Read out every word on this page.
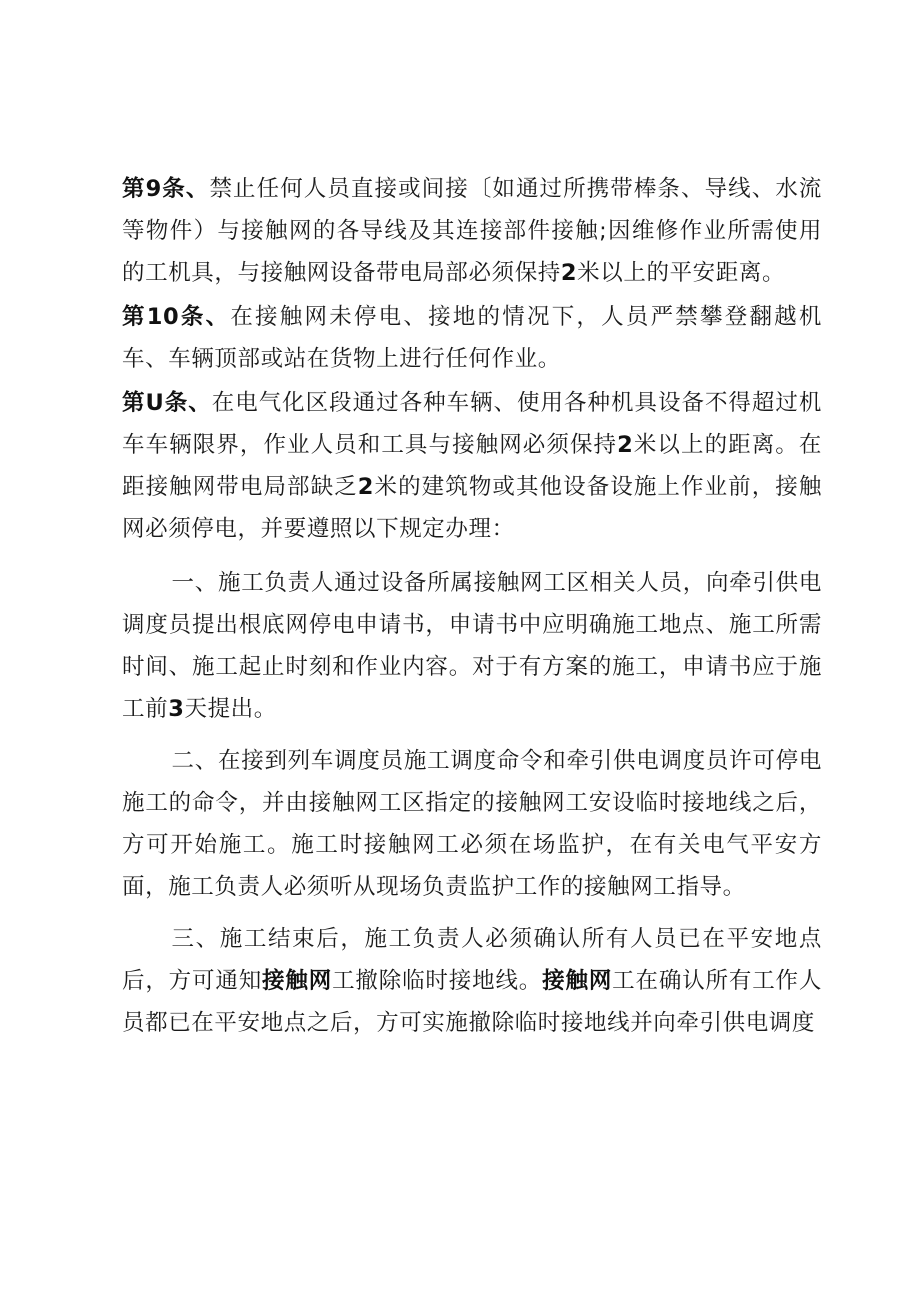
第9条、禁止任何人员直接或间接〔如通过所携带棒条、导线、水流等物件）与接触网的各导线及其连接部件接触;因维修作业所需使用的工机具，与接触网设备带电局部必须保持2米以上的平安距离。

第10条、在接触网未停电、接地的情况下，人员严禁攀登翻越机车、车辆顶部或站在货物上进行任何作业。

第U条、在电气化区段通过各种车辆、使用各种机具设备不得超过机车车辆限界，作业人员和工具与接触网必须保持2米以上的距离。在距接触网带电局部缺乏2米的建筑物或其他设备设施上作业前，接触网必须停电，并要遵照以下规定办理：

一、施工负责人通过设备所属接触网工区相关人员，向牵引供电调度员提出根底网停电申请书，申请书中应明确施工地点、施工所需时间、施工起止时刻和作业内容。对于有方案的施工，申请书应于施工前3天提出。

二、在接到列车调度员施工调度命令和牵引供电调度员许可停电施工的命令，并由接触网工区指定的接触网工安设临时接地线之后，方可开始施工。施工时接触网工必须在场监护，在有关电气平安方面，施工负责人必须听从现场负责监护工作的接触网工指导。

三、施工结束后，施工负责人必须确认所有人员已在平安地点后，方可通知接触网工撤除临时接地线。接触网工在确认所有工作人员都已在平安地点之后，方可实施撤除临时接地线并向牵引供电调度
